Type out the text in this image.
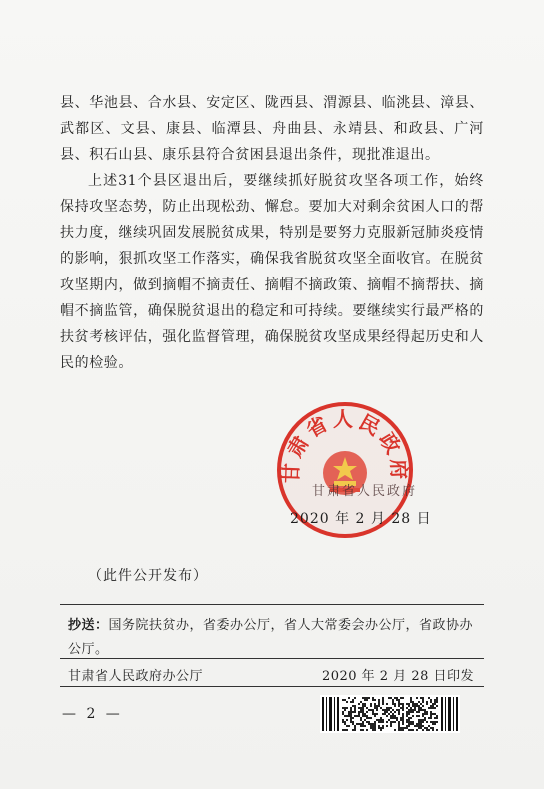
县、华池县、合水县、安定区、陇西县、渭源县、临洮县、漳县、武都区、文县、康县、临潭县、舟曲县、永靖县、和政县、广河县、积石山县、康乐县符合贫困县退出条件，现批准退出。

上述31个县区退出后，要继续抓好脱贫攻坚各项工作，始终保持攻坚态势，防止出现松劲、懈怠。要加大对剩余贫困人口的帮扶力度，继续巩固发展脱贫成果，特别是要努力克服新冠肺炎疫情的影响，狠抓攻坚工作落实，确保我省脱贫攻坚全面收官。在脱贫攻坚期内，做到摘帽不摘责任、摘帽不摘政策、摘帽不摘帮扶、摘帽不摘监管，确保脱贫退出的稳定和可持续。要继续实行最严格的扶贫考核评估，强化监督管理，确保脱贫攻坚成果经得起历史和人民的检验。

甘肃省人民政府
甘肃省人民政府
2020 年 2 月 28 日
（此件公开发布）
抄送：国务院扶贫办，省委办公厅，省人大常委会办公厅，省政协办公厅。
甘肃省人民政府办公厅	2020 年 2 月 28 日印发
— 2 —
